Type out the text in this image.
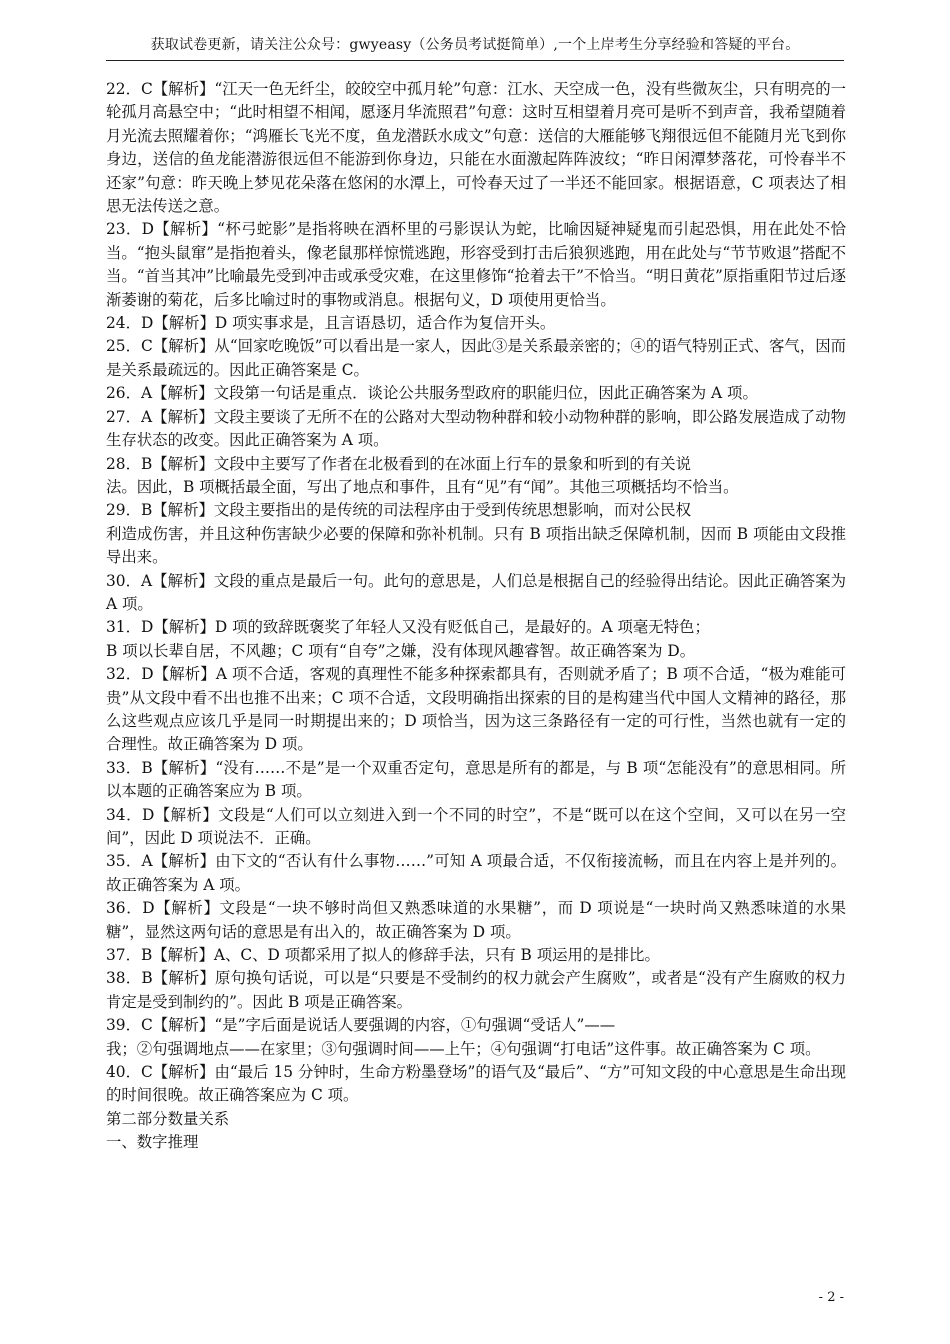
获取试卷更新，请关注公众号：gwyeasy（公务员考试挺简单）,一个上岸考生分享经验和答疑的平台。

22．C【解析】“江天一色无纤尘，皎皎空中孤月轮”句意：江水、天空成一色，没有些微灰尘，只有明亮的一轮孤月高悬空中；“此时相望不相闻，愿逐月华流照君”句意：这时互相望着月亮可是听不到声音，我希望随着月光流去照耀着你；“鸿雁长飞光不度，鱼龙潜跃水成文”句意：送信的大雁能够飞翔很远但不能随月光飞到你身边，送信的鱼龙能潜游很远但不能游到你身边，只能在水面激起阵阵波纹；“昨日闲潭梦落花，可怜春半不还家”句意：昨天晚上梦见花朵落在悠闲的水潭上，可怜春天过了一半还不能回家。根据语意，C 项表达了相思无法传送之意。

23．D【解析】“杯弓蛇影”是指将映在酒杯里的弓影误认为蛇，比喻因疑神疑鬼而引起恐惧，用在此处不恰当。“抱头鼠窜”是指抱着头，像老鼠那样惊慌逃跑，形容受到打击后狼狈逃跑，用在此处与“节节败退”搭配不当。“首当其冲”比喻最先受到冲击或承受灾难，在这里修饰“抢着去干”不恰当。“明日黄花”原指重阳节过后逐渐萎谢的菊花，后多比喻过时的事物或消息。根据句义，D 项使用更恰当。

24．D【解析】D 项实事求是，且言语恳切，适合作为复信开头。

25．C【解析】从“回家吃晚饭”可以看出是一家人，因此③是关系最亲密的；④的语气特别正式、客气，因而是关系最疏远的。因此正确答案是 C。

26．A【解析】文段第一句话是重点．谈论公共服务型政府的职能归位，因此正确答案为 A 项。

27．A【解析】文段主要谈了无所不在的公路对大型动物种群和较小动物种群的影响，即公路发展造成了动物生存状态的改变。因此正确答案为 A 项。

28．B【解析】文段中主要写了作者在北极看到的在冰面上行车的景象和听到的有关说

法。因此，B 项概括最全面，写出了地点和事件，且有“见”有“闻”。其他三项概括均不恰当。

29．B【解析】文段主要指出的是传统的司法程序由于受到传统思想影响，而对公民权

利造成伤害，并且这种伤害缺少必要的保障和弥补机制。只有 B 项指出缺乏保障机制，因而 B 项能由文段推导出来。

30．A【解析】文段的重点是最后一句。此句的意思是，人们总是根据自己的经验得出结论。因此正确答案为 A 项。

31．D【解析】D 项的致辞既褒奖了年轻人又没有贬低自己，是最好的。A 项毫无特色；

B 项以长辈自居，不风趣；C 项有“自夸”之嫌，没有体现风趣睿智。故正确答案为 D。

32．D【解析】A 项不合适，客观的真理性不能多种探索都具有，否则就矛盾了；B 项不合适，“极为难能可贵”从文段中看不出也推不出来；C 项不合适，文段明确指出探索的目的是构建当代中国人文精神的路径，那么这些观点应该几乎是同一时期提出来的；D 项恰当，因为这三条路径有一定的可行性，当然也就有一定的合理性。故正确答案为 D 项。

33．B【解析】“没有……不是”是一个双重否定句，意思是所有的都是，与 B 项“怎能没有”的意思相同。所以本题的正确答案应为 B 项。

34．D【解析】文段是“人们可以立刻进入到一个不同的时空”，不是“既可以在这个空间，又可以在另一空间”，因此 D 项说法不．正确。

35．A【解析】由下文的“否认有什么事物……”可知 A 项最合适，不仅衔接流畅，而且在内容上是并列的。故正确答案为 A 项。

36．D【解析】文段是“一块不够时尚但又熟悉味道的水果糖”，而 D 项说是“一块时尚又熟悉味道的水果糖”，显然这两句话的意思是有出入的，故正确答案为 D 项。

37．B【解析】A、C、D 项都采用了拟人的修辞手法，只有 B 项运用的是排比。

38．B【解析】原句换句话说，可以是“只要是不受制约的权力就会产生腐败”，或者是“没有产生腐败的权力肯定是受到制约的”。因此 B 项是正确答案。

39．C【解析】“是”字后面是说话人要强调的内容，①句强调“受话人”——

我；②句强调地点——在家里；③句强调时间——上午；④句强调“打电话”这件事。故正确答案为 C 项。

40．C【解析】由“最后 15 分钟时，生命方粉墨登场”的语气及“最后”、“方”可知文段的中心意思是生命出现的时间很晚。故正确答案应为 C 项。

第二部分数量关系

一、数字推理

- 2 -
